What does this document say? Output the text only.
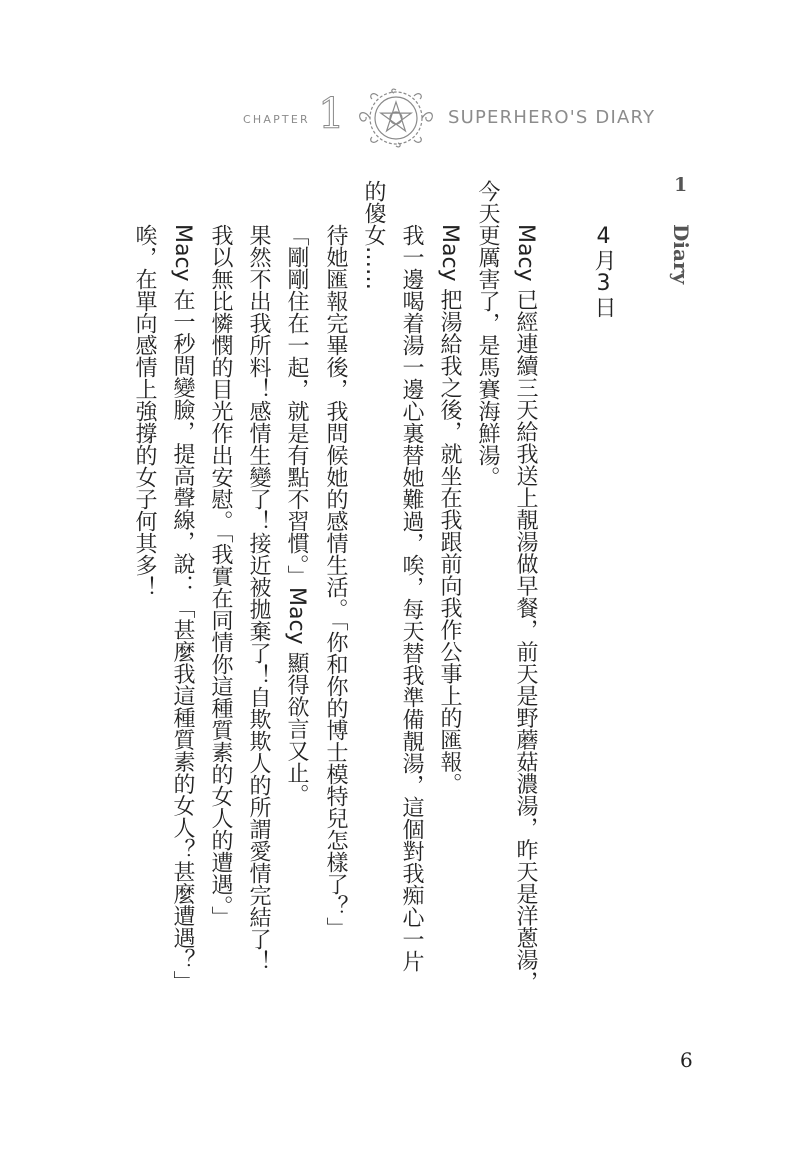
CHAPTER 1	SUPERHERO'S DIARY
1
Diary
4月3日
Macy 已經連續三天給我送上靚湯做早餐，前天是野蘑菇濃湯，昨天是洋蔥湯，
今天更厲害了，是馬賽海鮮湯。
Macy 把湯給我之後，就坐在我跟前向我作公事上的匯報。
我一邊喝着湯一邊心裏替她難過，唉，每天替我準備靚湯，這個對我痴心一片
的傻女……
待她匯報完畢後，我問候她的感情生活。「你和你的博士模特兒怎樣了？」
「剛剛住在一起，就是有點不習慣。」Macy 顯得欲言又止。
果然不出我所料！感情生變了！接近被拋棄了！自欺欺人的所謂愛情完結了！
我以無比憐憫的目光作出安慰。「我實在同情你這種質素的女人的遭遇。」
Macy 在一秒間變臉，提高聲線，說：「甚麼我這種質素的女人？甚麼遭遇？」
唉，在單向感情上強撐的女子何其多！
6
